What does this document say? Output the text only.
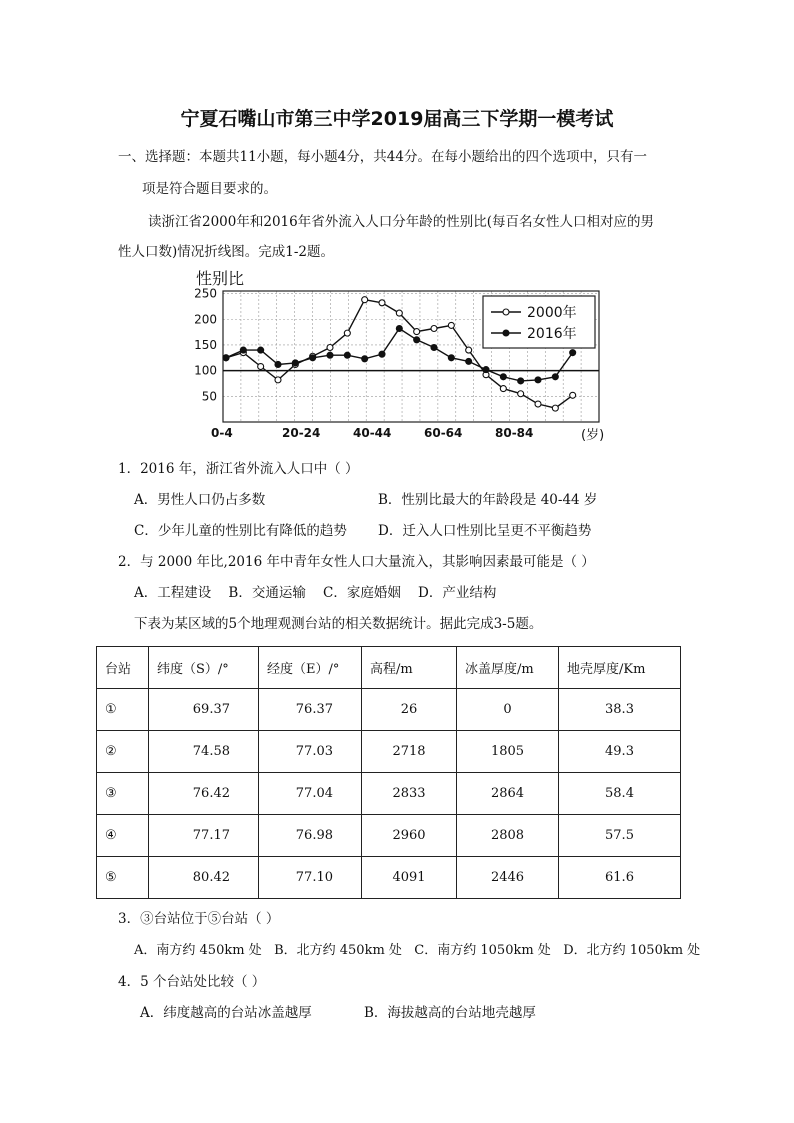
宁夏石嘴山市第三中学2019届高三下学期一模考试
一、选择题：本题共11小题，每小题4分，共44分。在每小题给出的四个选项中，只有一
项是符合题目要求的。
读浙江省2000年和2016年省外流入人口分年龄的性别比(每百名女性人口相对应的男
性人口数)情况折线图。完成1-2题。
性别比
50
100
150
200
250
0-4	20-24	40-44	60-64	80-84	(岁)
2000年
2016年
1．2016 年，浙江省外流入人口中（ ）
A．男性人口仍占多数	B．性别比最大的年龄段是 40-44 岁
C．少年儿童的性别比有降低的趋势 D．迁入人口性别比呈更不平衡趋势
2．与 2000 年比,2016 年中青年女性人口大量流入，其影响因素最可能是（ ）
A．工程建设    B．交通运输    C．家庭婚姻    D．产业结构
下表为某区域的5个地理观测台站的相关数据统计。据此完成3-5题。
台站	纬度（S）/°	经度（E）/°	高程/m	冰盖厚度/m	地壳厚度/Km
①	69.37	76.37	26	0	38.3
②	74.58	77.03	2718	1805	49.3
③	76.42	77.04	2833	2864	58.4
④	77.17	76.98	2960	2808	57.5
⑤	80.42	77.10	4091	2446	61.6
3．③台站位于⑤台站（ ）
A．南方约 450km 处   B．北方约 450km 处   C．南方约 1050km 处   D．北方约 1050km 处
4．5 个台站处比较（ ）
A．纬度越高的台站冰盖越厚	B．海拔越高的台站地壳越厚
